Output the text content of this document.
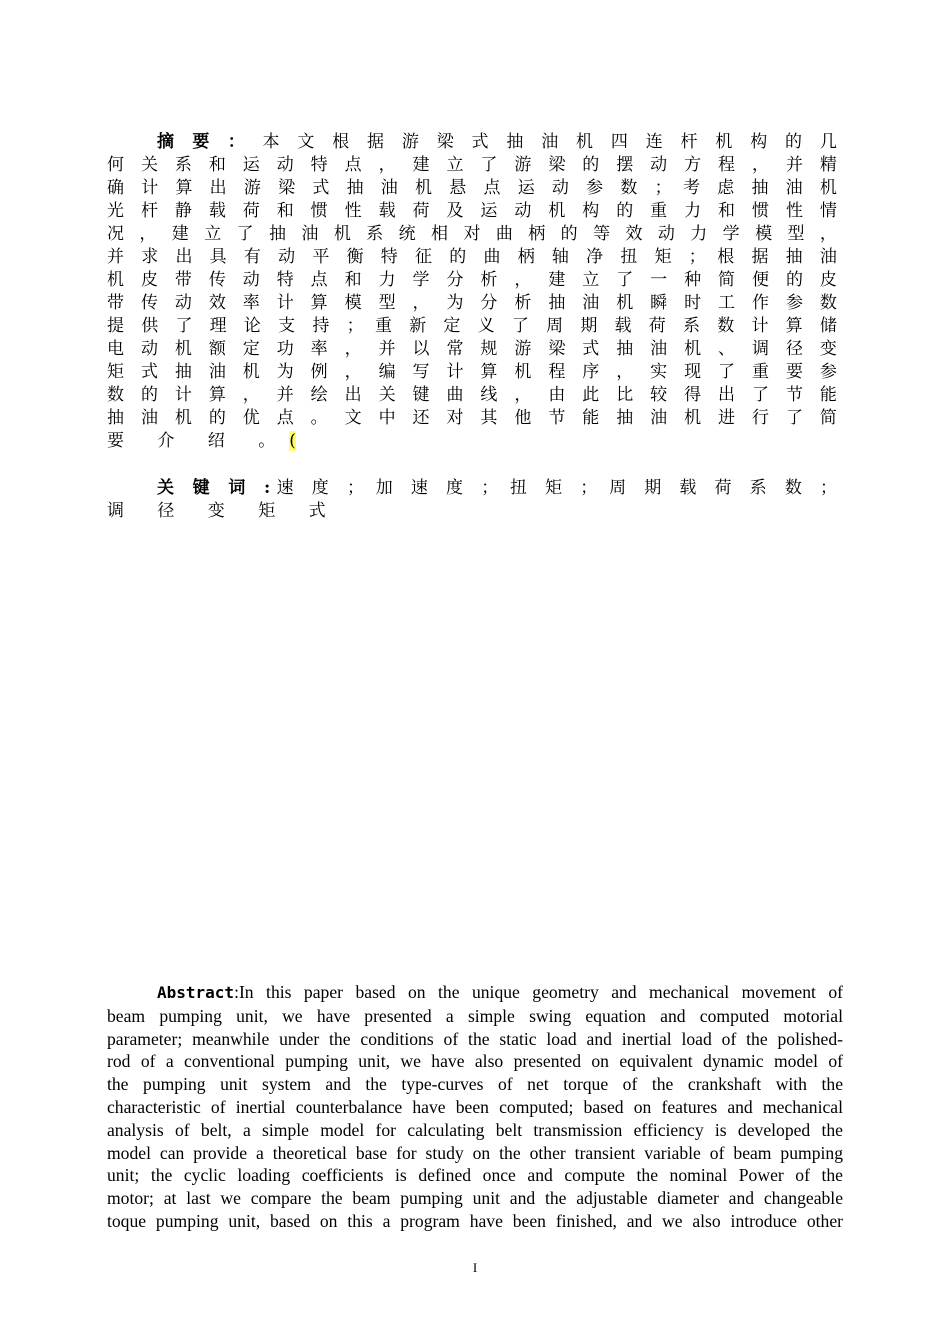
摘 要 ： 本 文 根 据 游 梁 式 抽 油 机 四 连 杆 机 构 的 几
何 关 系 和 运 动 特 点 ， 建 立 了 游 梁 的 摆 动 方 程 ， 并 精
确 计 算 出 游 梁 式 抽 油 机 悬 点 运 动 参 数 ； 考 虑 抽 油 机
光 杆 静 载 荷 和 惯 性 载 荷 及 运 动 机 构 的 重 力 和 惯 性 情
况 ， 建 立 了 抽 油 机 系 统 相 对 曲 柄 的 等 效 动 力 学 模 型 ，
并 求 出 具 有 动 平 衡 特 征 的 曲 柄 轴 净 扭 矩 ； 根 据 抽 油
机 皮 带 传 动 特 点 和 力 学 分 析 ， 建 立 了 一 种 简 便 的 皮
带 传 动 效 率 计 算 模 型 ， 为 分 析 抽 油 机 瞬 时 工 作 参 数
提 供 了 理 论 支 持 ； 重 新 定 义 了 周 期 载 荷 系 数 计 算 储
电 动 机 额 定 功 率 ， 并 以 常 规 游 梁 式 抽 油 机 、 调 径 变
矩 式 抽 油 机 为 例 ， 编 写 计 算 机 程 序 ， 实 现 了 重 要 参
数 的 计 算 ， 并 绘 出 关 键 曲 线 ， 由 此 比 较 得 出 了 节 能
抽 油 机 的 优 点 。 文 中 还 对 其 他 节 能 抽 油 机 进 行 了 简
要 介 绍 。(
关 键 词 :速 度 ； 加 速 度 ； 扭 矩 ； 周 期 载 荷 系 数 ；
调 径 变 矩 式
Abstract:In this paper based on the unique geometry and mechanical movement of
beam pumping unit, we have presented a simple swing equation and computed motorial
parameter; meanwhile under the conditions of the static load and inertial load of the polished-
rod of a conventional pumping unit, we have also presented on equivalent dynamic model of
the pumping unit system and the type-curves of net torque of the crankshaft with the
characteristic of inertial counterbalance have been computed; based on features and mechanical
analysis of belt, a simple model for calculating belt transmission efficiency is developed the
model can provide a theoretical base for study on the other transient variable of beam pumping
unit; the cyclic loading coefficients is defined once and compute the nominal Power of the
motor; at last we compare the beam pumping unit and the adjustable diameter and changeable
toque pumping unit, based on this a program have been finished, and we also introduce other
I
